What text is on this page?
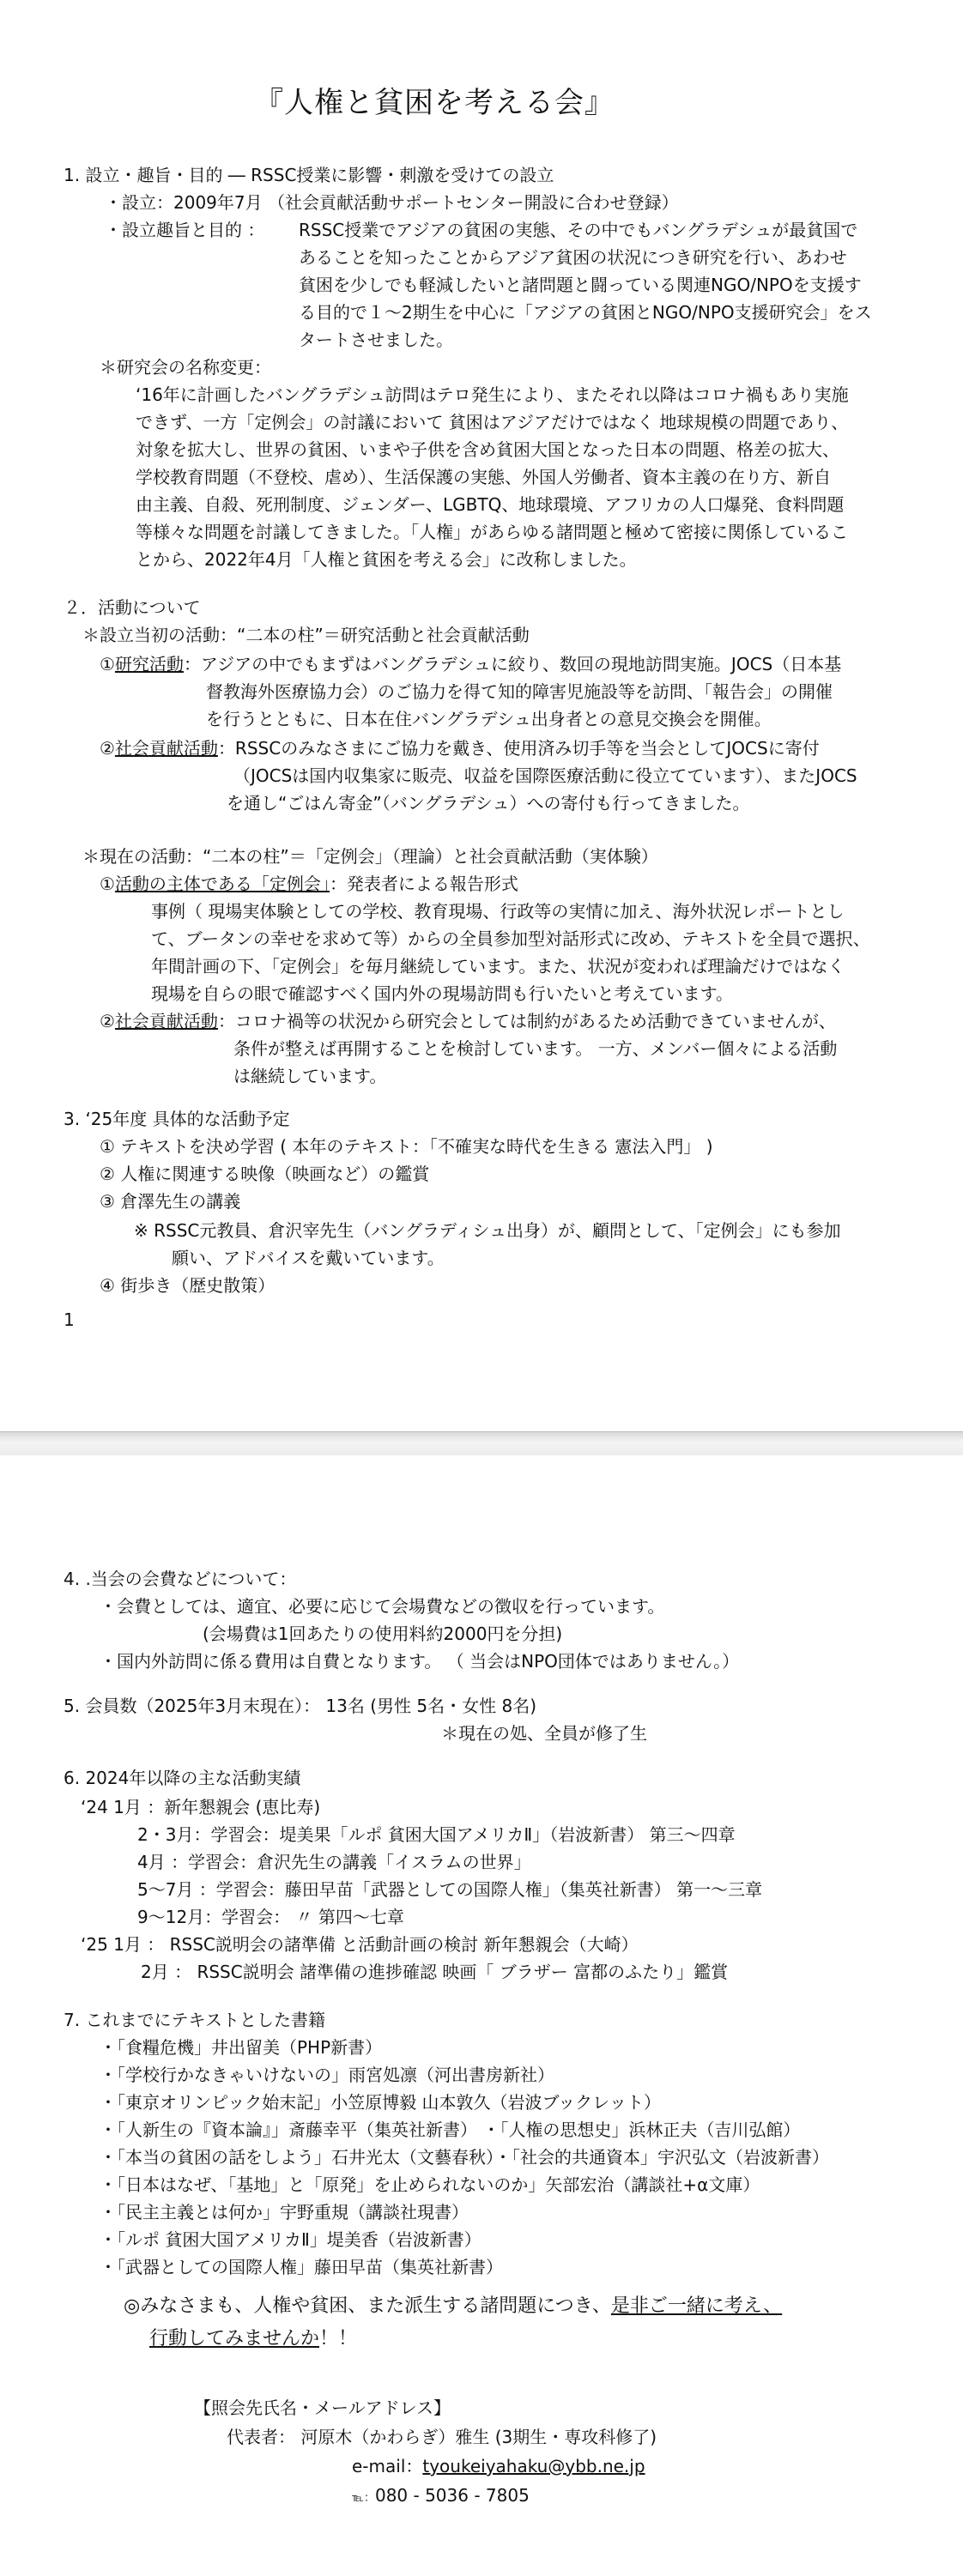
『人権と貧困を考える会』
1. 設立・趣旨・目的 ― RSSC授業に影響・刺激を受けての設立
・設立：2009年7月 （社会貢献活動サポートセンター開設に合わせ登録）
・設立趣旨と目的 ： RSSC授業でアジアの貧困の実態、その中でもバングラデシュが最貧国で
あることを知ったことからアジア貧困の状況につき研究を行い、あわせ
貧困を少しでも軽減したいと諸問題と闘っている関連NGO/NPOを支援す
る目的で１～2期生を中心に「アジアの貧困とNGO/NPO支援研究会」をス
タートさせました。
＊研究会の名称変更：
‘16年に計画したバングラデシュ訪問はテロ発生により、またそれ以降はコロナ禍もあり実施
できず、一方「定例会」の討議において 貧困はアジアだけではなく 地球規模の問題であり、
対象を拡大し、世界の貧困、いまや子供を含め貧困大国となった日本の問題、格差の拡大、
学校教育問題（不登校、虐め）、生活保護の実態、外国人労働者、資本主義の在り方、新自
由主義、自殺、死刑制度、ジェンダー、LGBTQ、地球環境、アフリカの人口爆発、食料問題
等様々な問題を討議してきました。「人権」があらゆる諸問題と極めて密接に関係しているこ
とから、2022年4月「人権と貧困を考える会」に改称しました。
２．活動について
＊設立当初の活動：“二本の柱”＝研究活動と社会貢献活動
①研究活動：アジアの中でもまずはバングラデシュに絞り、数回の現地訪問実施。JOCS（日本基
督教海外医療協力会）のご協力を得て知的障害児施設等を訪問、「報告会」の開催
を行うとともに、日本在住バングラデシュ出身者との意見交換会を開催。
②社会貢献活動：RSSCのみなさまにご協力を戴き、使用済み切手等を当会としてJOCSに寄付
（JOCSは国内収集家に販売、収益を国際医療活動に役立てています）、またJOCS
を通し“ごはん寄金”（バングラデシュ）への寄付も行ってきました。
＊現在の活動：“二本の柱”＝「定例会」（理論）と社会貢献活動（実体験）
①活動の主体である「定例会」：発表者による報告形式
事例（ 現場実体験としての学校、教育現場、行政等の実情に加え、海外状況レポートとし
て、ブータンの幸せを求めて等）からの全員参加型対話形式に改め、テキストを全員で選択、
年間計画の下、「定例会」を毎月継続しています。また、状況が変われば理論だけではなく
現場を自らの眼で確認すべく国内外の現場訪問も行いたいと考えています。
②社会貢献活動：コロナ禍等の状況から研究会としては制約があるため活動できていませんが、
条件が整えば再開することを検討しています。 一方、メンバー個々による活動
は継続しています。
3. ‘25年度 具体的な活動予定
① テキストを決め学習 ( 本年のテキスト：「不確実な時代を生きる 憲法入門」 )
② 人権に関連する映像（映画など）の鑑賞
③ 倉澤先生の講義
※ RSSC元教員、倉沢宰先生（バングラディシュ出身）が、顧問として、「定例会」にも参加
願い、アドバイスを戴いています。
④ 街歩き（歴史散策）
1
4. .当会の会費などについて：
・会費としては、適宜、必要に応じて会場費などの徴収を行っています。
(会場費は1回あたりの使用料約2000円を分担)
・国内外訪問に係る費用は自費となります。 （ 当会はNPO団体ではありません。）
5. 会員数（2025年3月末現在）： 13名 (男性 5名・女性 8名)
＊現在の処、全員が修了生
6. 2024年以降の主な活動実績
‘24 1月 ：新年懇親会 (恵比寿)
2・3月：学習会：堤美果「ルポ 貧困大国アメリカⅡ」（岩波新書） 第三～四章
4月 ：学習会：倉沢先生の講義「イスラムの世界」
5～7月 ：学習会：藤田早苗「武器としての国際人権」（集英社新書） 第一～三章
9～12月：学習会： 〃 第四～七章
‘25 1月 ： RSSC説明会の諸準備 と活動計画の検討 新年懇親会（大崎）
2月 ： RSSC説明会 諸準備の進捗確認 映画「 ブラザー 富都のふたり」鑑賞
7. これまでにテキストとした書籍
・「食糧危機」井出留美（PHP新書）
・「学校行かなきゃいけないの」雨宮処凛（河出書房新社）
・「東京オリンピック始末記」小笠原博毅 山本敦久（岩波ブックレット）
・「人新生の『資本論』」斎藤幸平（集英社新書） ・「人権の思想史」浜林正夫（吉川弘館）
・「本当の貧困の話をしよう」石井光太（文藝春秋）・「社会的共通資本」宇沢弘文（岩波新書）
・「日本はなぜ、「基地」と「原発」を止められないのか」矢部宏治（講談社+α文庫）
・「民主主義とは何か」宇野重規（講談社現書）
・「ルポ 貧困大国アメリカⅡ」堤美香（岩波新書）
・「武器としての国際人権」藤田早苗（集英社新書）
◎みなさまも、人権や貧困、また派生する諸問題につき、是非ご一緒に考え、
行動してみませんか！！
【照会先氏名・メールアドレス】
代表者： 河原木（かわらぎ）雅生 (3期生・専攻科修了)
e-mail：tyoukeiyahaku@ybb.ne.jp
℡：080 - 5036 - 7805
